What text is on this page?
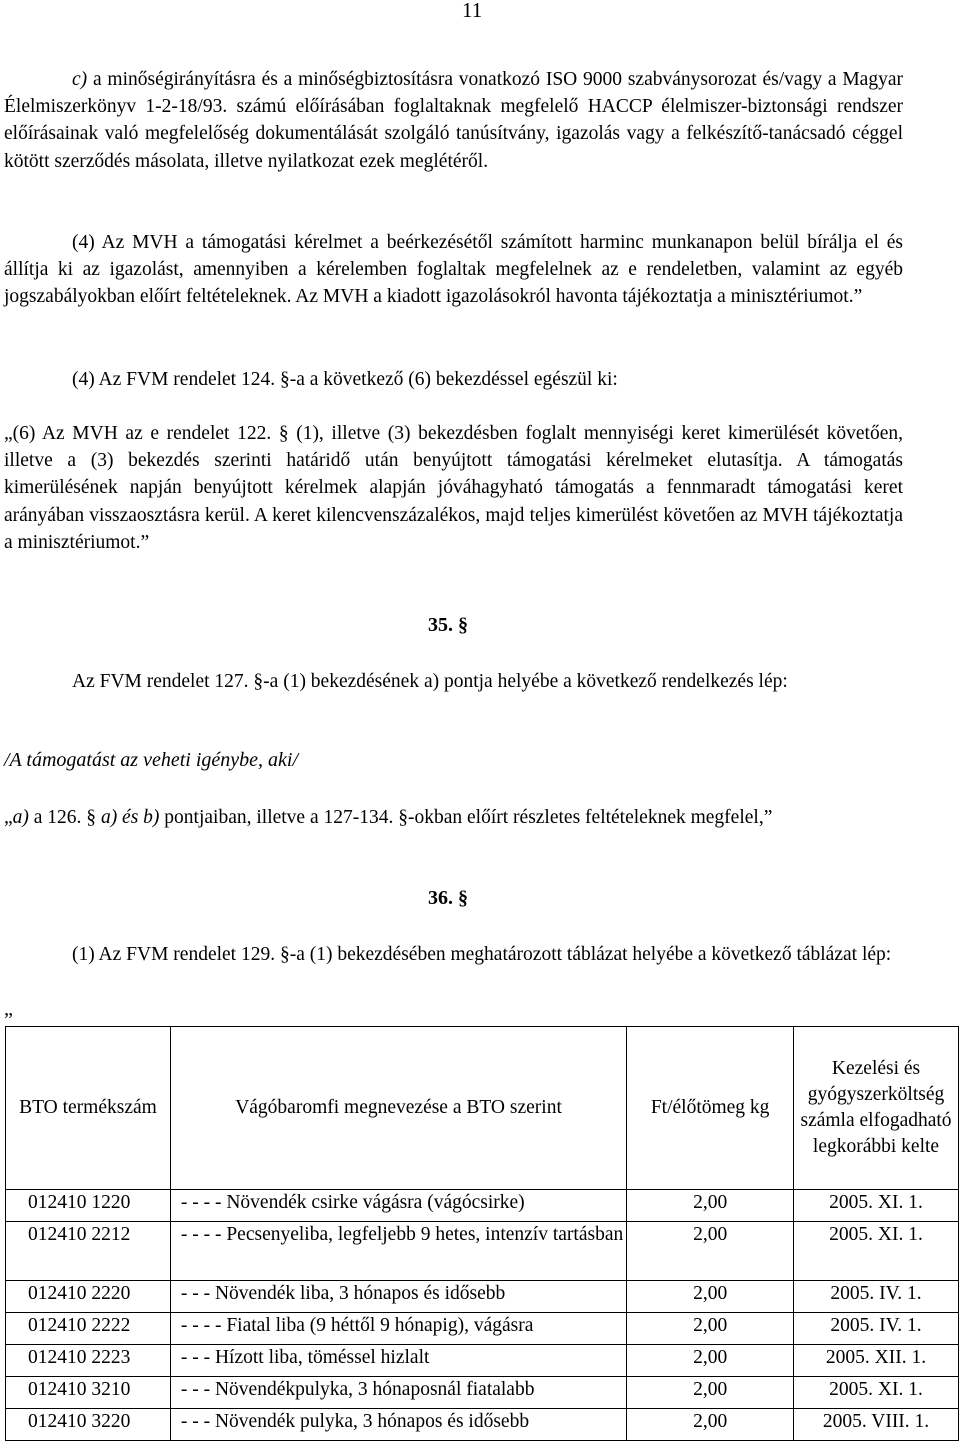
11

c) a minőségirányításra és a minőségbiztosításra vonatkozó ISO 9000 szabványsorozat és/vagy a Magyar Élelmiszerkönyv 1-2-18/93. számú előírásában foglaltaknak megfelelő HACCP élelmiszer-biztonsági rendszer előírásainak való megfelelőség dokumentálását szolgáló tanúsítvány, igazolás vagy a felkészítő-tanácsadó céggel kötött szerződés másolata, illetve nyilatkozat ezek meglétéről.

(4) Az MVH a támogatási kérelmet a beérkezésétől számított harminc munkanapon belül bírálja el és állítja ki az igazolást, amennyiben a kérelemben foglaltak megfelelnek az e rendeletben, valamint az egyéb jogszabályokban előírt feltételeknek. Az MVH a kiadott igazolásokról havonta tájékoztatja a minisztériumot.”

(4) Az FVM rendelet 124. §-a a következő (6) bekezdéssel egészül ki:

„(6) Az MVH az e rendelet 122. § (1), illetve (3) bekezdésben foglalt mennyiségi keret kimerülését követően, illetve a (3) bekezdés szerinti határidő után benyújtott támogatási kérelmeket elutasítja. A támogatás kimerülésének napján benyújtott kérelmek alapján jóváhagyható támogatás a fennmaradt támogatási keret arányában visszaosztásra kerül. A keret kilencvenszázalékos, majd teljes kimerülést követően az MVH tájékoztatja a minisztériumot.”

35. §

Az FVM rendelet 127. §-a (1) bekezdésének a) pontja helyébe a következő rendelkezés lép:

/A támogatást az veheti igénybe, aki/

„a) a 126. § a) és b) pontjaiban, illetve a 127-134. §-okban előírt részletes feltételeknek megfelel,”

36. §

(1) Az FVM rendelet 129. §-a (1) bekezdésében meghatározott táblázat helyébe a következő táblázat lép:

„
BTO termékszám	Vágóbaromfi megnevezése a BTO szerint	Ft/élőtömeg kg	Kezelési és gyógyszerköltség számla elfogadható legkorábbi kelte
012410 1220	- - - - Növendék csirke vágásra (vágócsirke)	2,00	2005. XI. 1.
012410 2212	- - - - Pecsenyeliba, legfeljebb 9 hetes, intenzív tartásban	2,00	2005. XI. 1.
012410 2220	- - - Növendék liba, 3 hónapos és idősebb	2,00	2005. IV. 1.
012410 2222	- - - - Fiatal liba (9 héttől 9 hónapig), vágásra	2,00	2005. IV. 1.
012410 2223	- - - Hízott liba, töméssel hizlalt	2,00	2005. XII. 1.
012410 3210	- - - Növendékpulyka, 3 hónaposnál fiatalabb	2,00	2005. XI. 1.
012410 3220	- - - Növendék pulyka, 3 hónapos és idősebb	2,00	2005. VIII. 1.
